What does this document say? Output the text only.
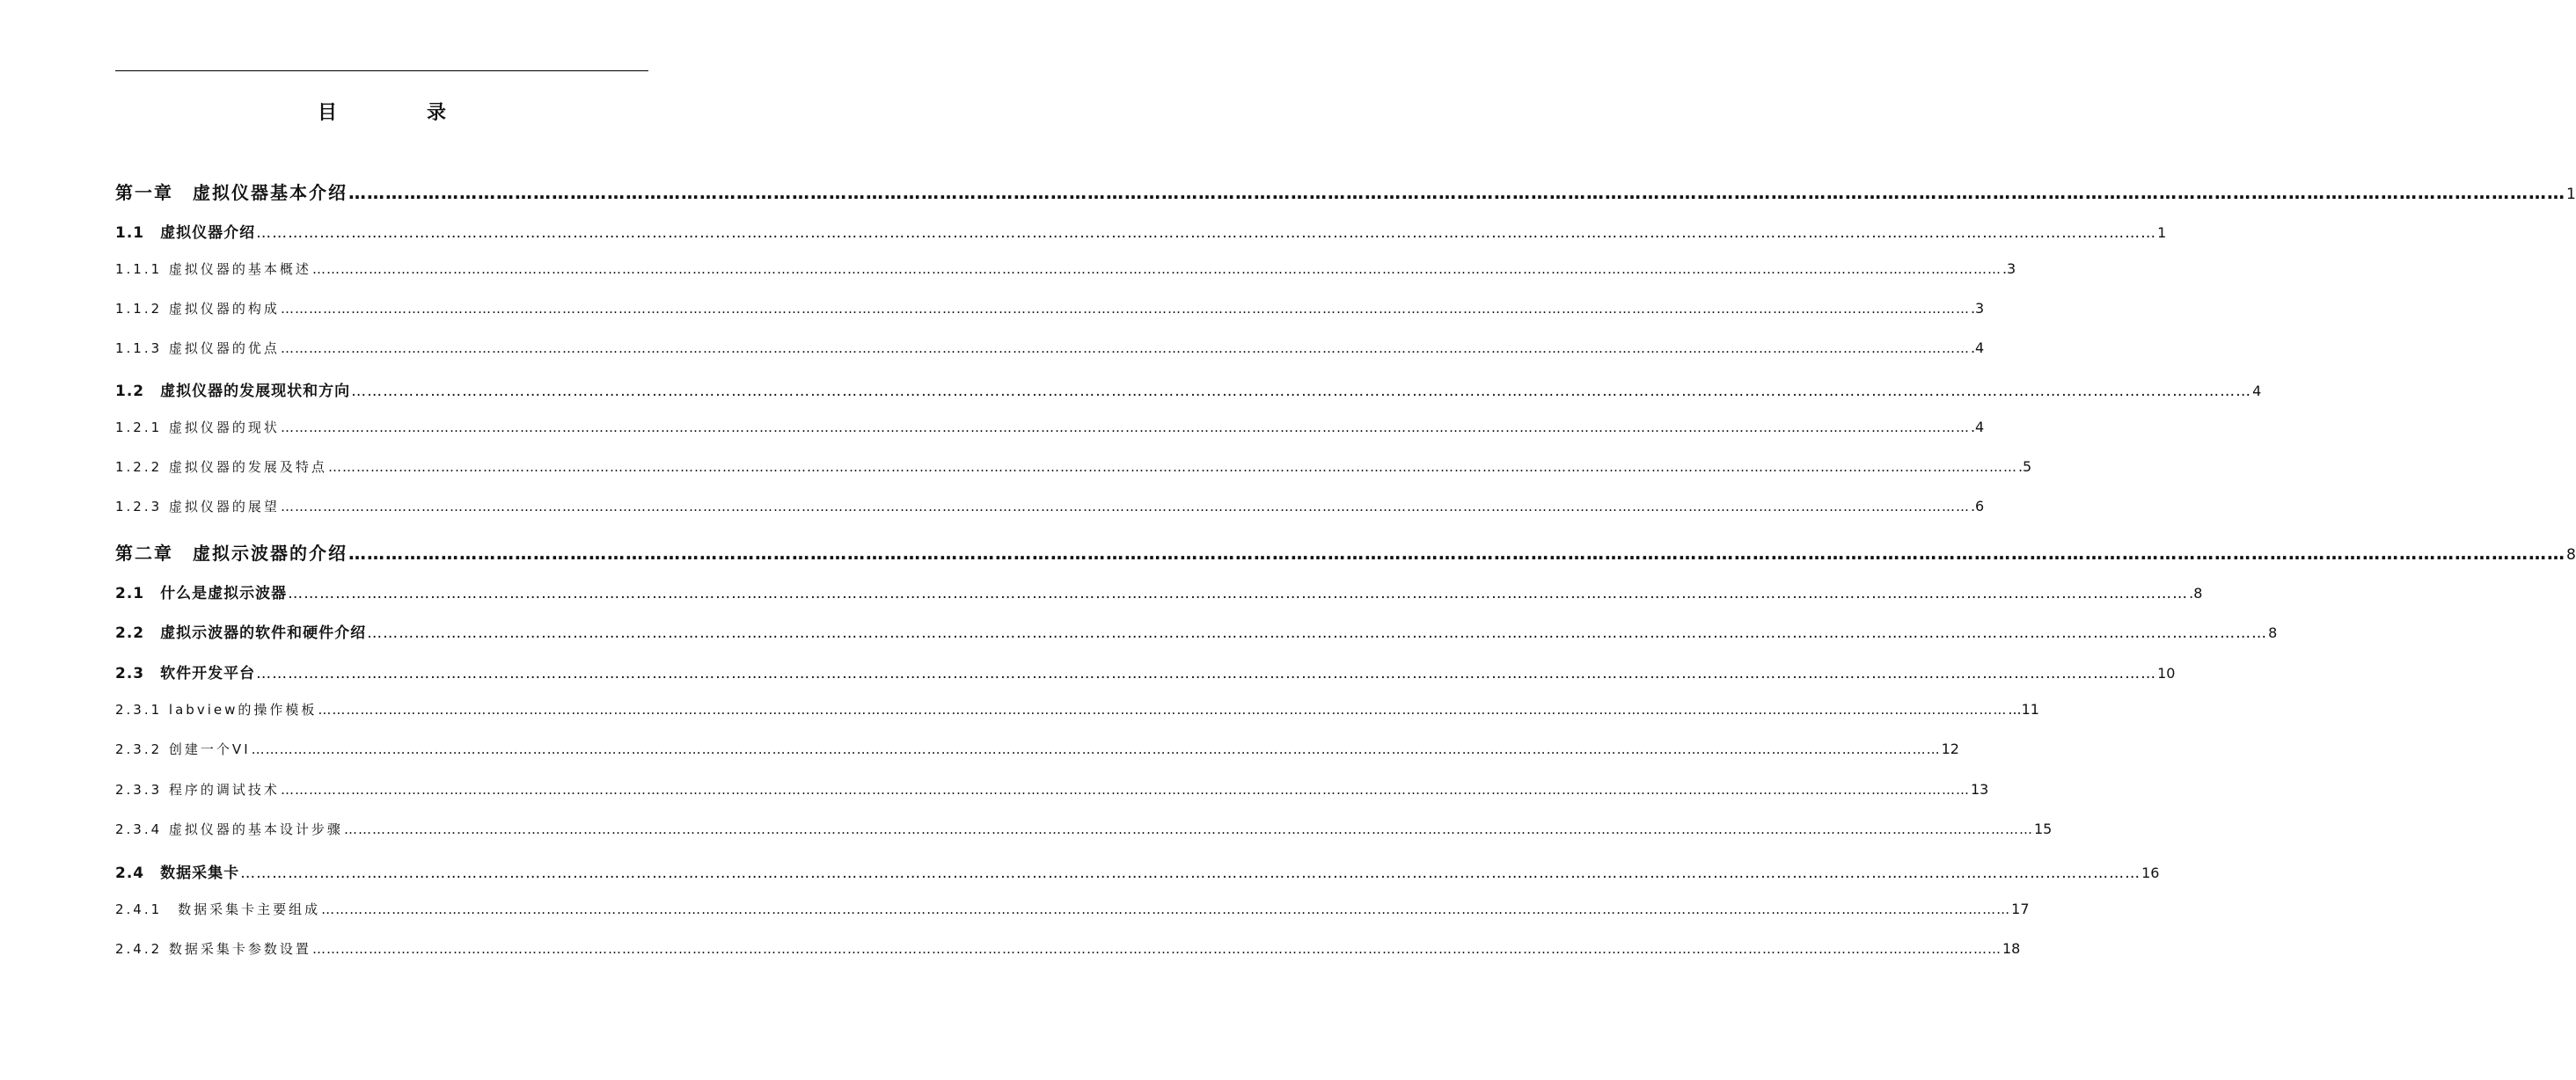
目　录
第一章　虚拟仪器基本介绍 ……………………………………………………………………………………………………………………………………………………………………………………………………………………………………………………………………………………………………………………………… 1
1.1　虚拟仪器介绍 ……………………………………………………………………………………………………………………………………………………………………………………………………………………………………………………………………………………………………………………………… 1
1.1.1 虚拟仪器的基本概述 ……………………………………………………………………………………………………………………………………………………………………………………………………………………………………………………………………………………………………………………………… .3
1.1.2 虚拟仪器的构成 ……………………………………………………………………………………………………………………………………………………………………………………………………………………………………………………………………………………………………………………………… .3
1.1.3 虚拟仪器的优点 ……………………………………………………………………………………………………………………………………………………………………………………………………………………………………………………………………………………………………………………………… .4
1.2　虚拟仪器的发展现状和方向 ……………………………………………………………………………………………………………………………………………………………………………………………………………………………………………………………………………………………………………………………… 4
1.2.1 虚拟仪器的现状 ……………………………………………………………………………………………………………………………………………………………………………………………………………………………………………………………………………………………………………………………… .4
1.2.2 虚拟仪器的发展及特点 ……………………………………………………………………………………………………………………………………………………………………………………………………………………………………………………………………………………………………………………………… .5
1.2.3 虚拟仪器的展望 ……………………………………………………………………………………………………………………………………………………………………………………………………………………………………………………………………………………………………………………………… .6
第二章　虚拟示波器的介绍 ……………………………………………………………………………………………………………………………………………………………………………………………………………………………………………………………………………………………………………………………… 8
2.1　什么是虚拟示波器 ……………………………………………………………………………………………………………………………………………………………………………………………………………………………………………………………………………………………………………………………… .8
2.2　虚拟示波器的软件和硬件介绍 ……………………………………………………………………………………………………………………………………………………………………………………………………………………………………………………………………………………………………………………………… 8
2.3　软件开发平台 ……………………………………………………………………………………………………………………………………………………………………………………………………………………………………………………………………………………………………………………………… 10
2.3.1 labview的操作模板 ……………………………………………………………………………………………………………………………………………………………………………………………………………………………………………………………………………………………………………………………… ...11
2.3.2 创建一个VI ……………………………………………………………………………………………………………………………………………………………………………………………………………………………………………………………………………………………………………………………… 12
2.3.3 程序的调试技术 ……………………………………………………………………………………………………………………………………………………………………………………………………………………………………………………………………………………………………………………………… 13
2.3.4 虚拟仪器的基本设计步骤 ……………………………………………………………………………………………………………………………………………………………………………………………………………………………………………………………………………………………………………………………… 15
2.4　数据采集卡 ……………………………………………………………………………………………………………………………………………………………………………………………………………………………………………………………………………………………………………………………… 16
2.4.1　数据采集卡主要组成 ……………………………………………………………………………………………………………………………………………………………………………………………………………………………………………………………………………………………………………………………… 17
2.4.2 数据采集卡参数设置 ……………………………………………………………………………………………………………………………………………………………………………………………………………………………………………………………………………………………………………………………… 18
